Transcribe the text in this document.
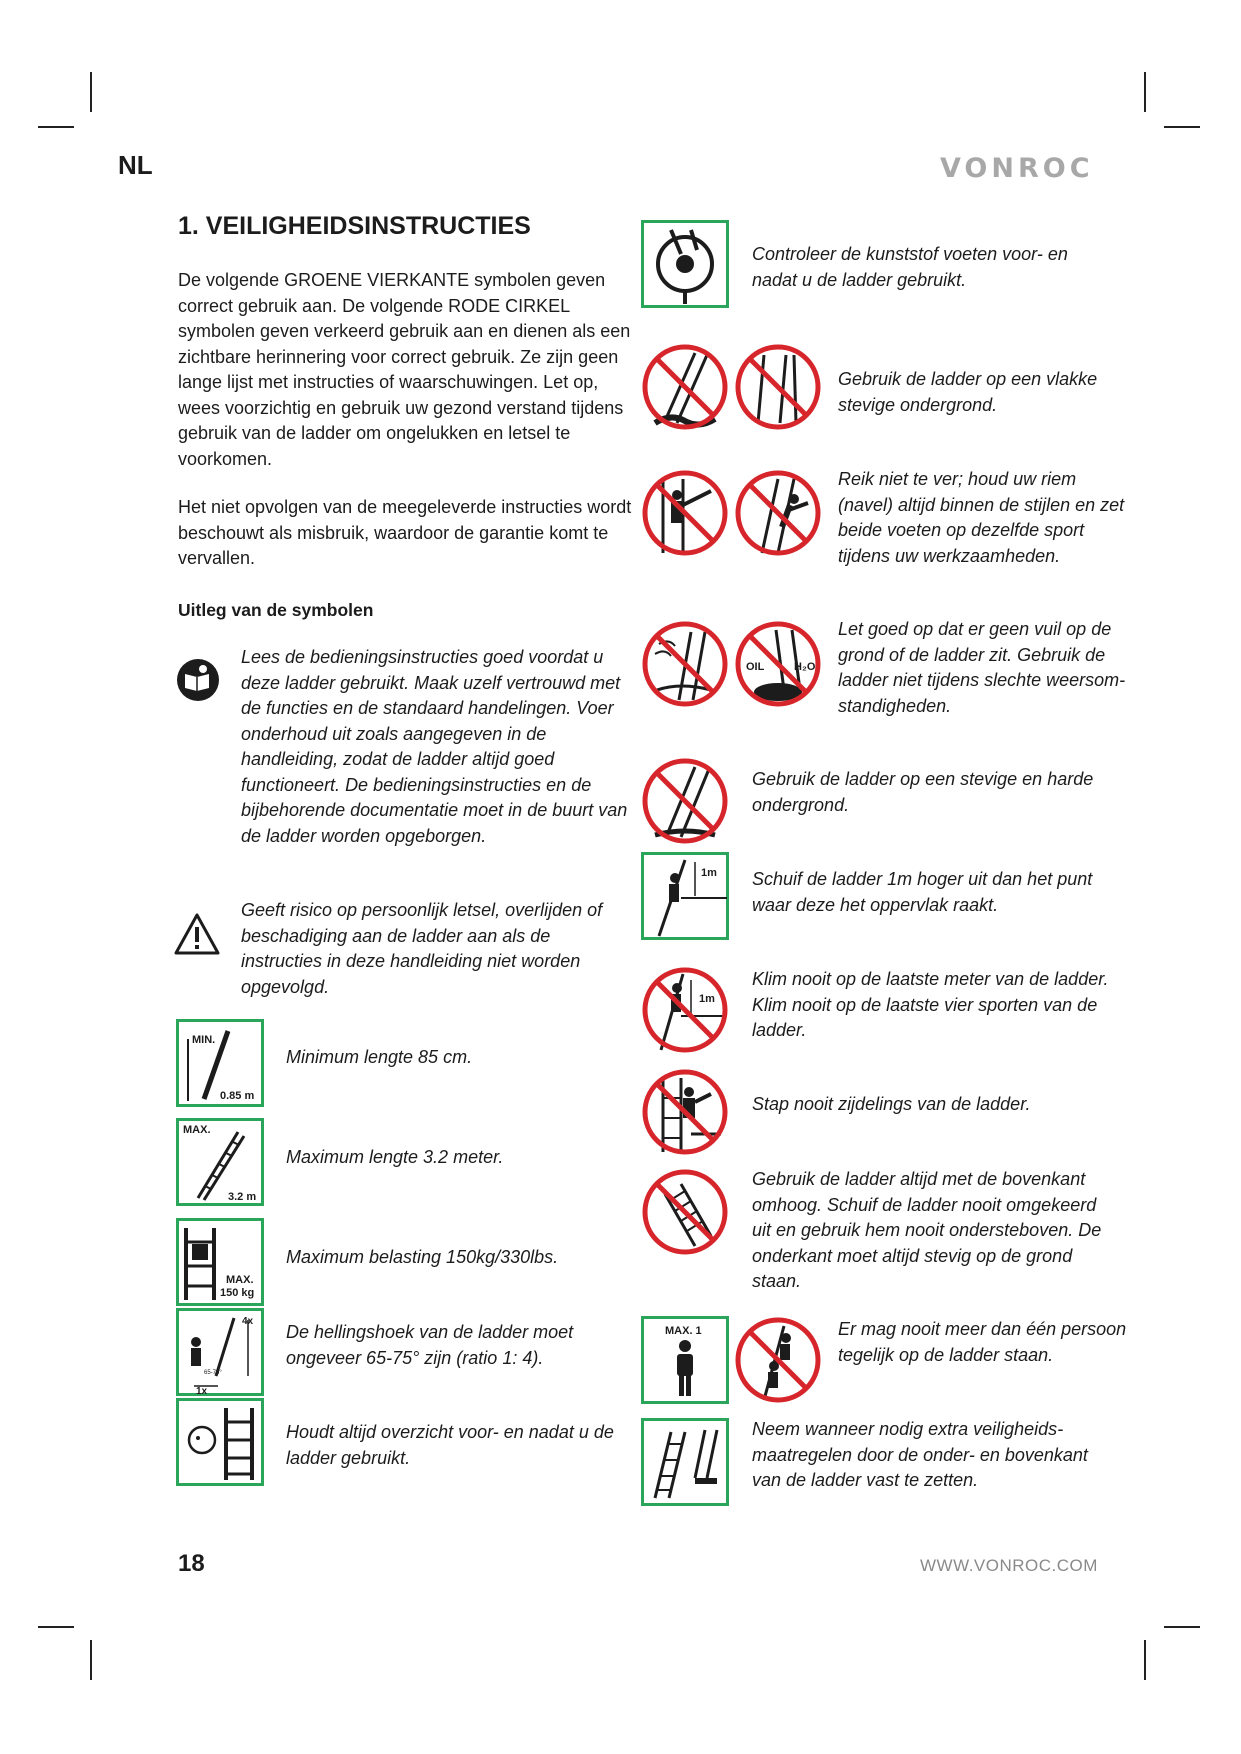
NL	VONROC
1. VEILIGHEIDSINSTRUCTIES

De volgende GROENE VIERKANTE symbolen geven correct gebruik aan. De volgende RODE CIRKEL symbolen geven verkeerd gebruik aan en dienen als een zichtbare herinnering voor correct gebruik. Ze zijn geen lange lijst met instructies of waarschuwingen. Let op, wees voorzichtig en gebruik uw gezond verstand tijdens gebruik van de ladder om ongelukken en letsel te voorkomen.

Het niet opvolgen van de meegeleverde instructies wordt beschouwt als misbruik, waardoor de garantie komt te vervallen.

Uitleg van de symbolen

Lees de bedieningsinstructies goed voordat u deze ladder gebruikt. Maak uzelf vertrouwd met de functies en de standaard handelingen. Voer onderhoud uit zoals aangegeven in de handleiding, zodat de ladder altijd goed functioneert. De bedieningsinstructies en de bijbehorende documentatie moet in de buurt van de ladder worden opgeborgen.

Geeft risico op persoonlijk letsel, overlijden of beschadiging aan de ladder aan als de instructies in deze handleiding niet worden opgevolgd.

MIN.
0.85 m

Minimum lengte 85 cm.

MAX.
3.2 m

Maximum lengte 3.2 meter.

MAX.
150 kg

Maximum belasting 150kg/330lbs.

4x
1x
65-75°

De hellingshoek van de ladder moet ongeveer 65-75° zijn (ratio 1: 4).

Houdt altijd overzicht voor- en nadat u de ladder gebruikt.

Controleer de kunststof voeten voor- en nadat u de ladder gebruikt.

Gebruik de ladder op een vlakke stevige ondergrond.

Reik niet te ver; houd uw riem (navel) altijd binnen de stijlen en zet beide voeten op dezelfde sport tijdens uw werkzaamheden.

OIL	H₂O

Let goed op dat er geen vuil op de grond of de ladder zit. Gebruik de ladder niet tijdens slechte weersomstandigheden.

Gebruik de ladder op een stevige en harde ondergrond.

1m Schuif de ladder 1m hoger uit dan het punt waar deze het oppervlak raakt.

1m

Klim nooit op de laatste meter van de ladder. Klim nooit op de laatste vier sporten van de ladder.

Stap nooit zijdelings van de ladder.

Gebruik de ladder altijd met de bovenkant omhoog. Schuif de ladder nooit omgekeerd uit en gebruik hem nooit ondersteboven. De onderkant moet altijd stevig op de grond staan.

MAX. 1	Er mag nooit meer dan één persoon tegelijk op de ladder staan.

Neem wanneer nodig extra veiligheidsmaatregelen door de onder- en bovenkant van de ladder vast te zetten.

18	WWW.VONROC.COM
